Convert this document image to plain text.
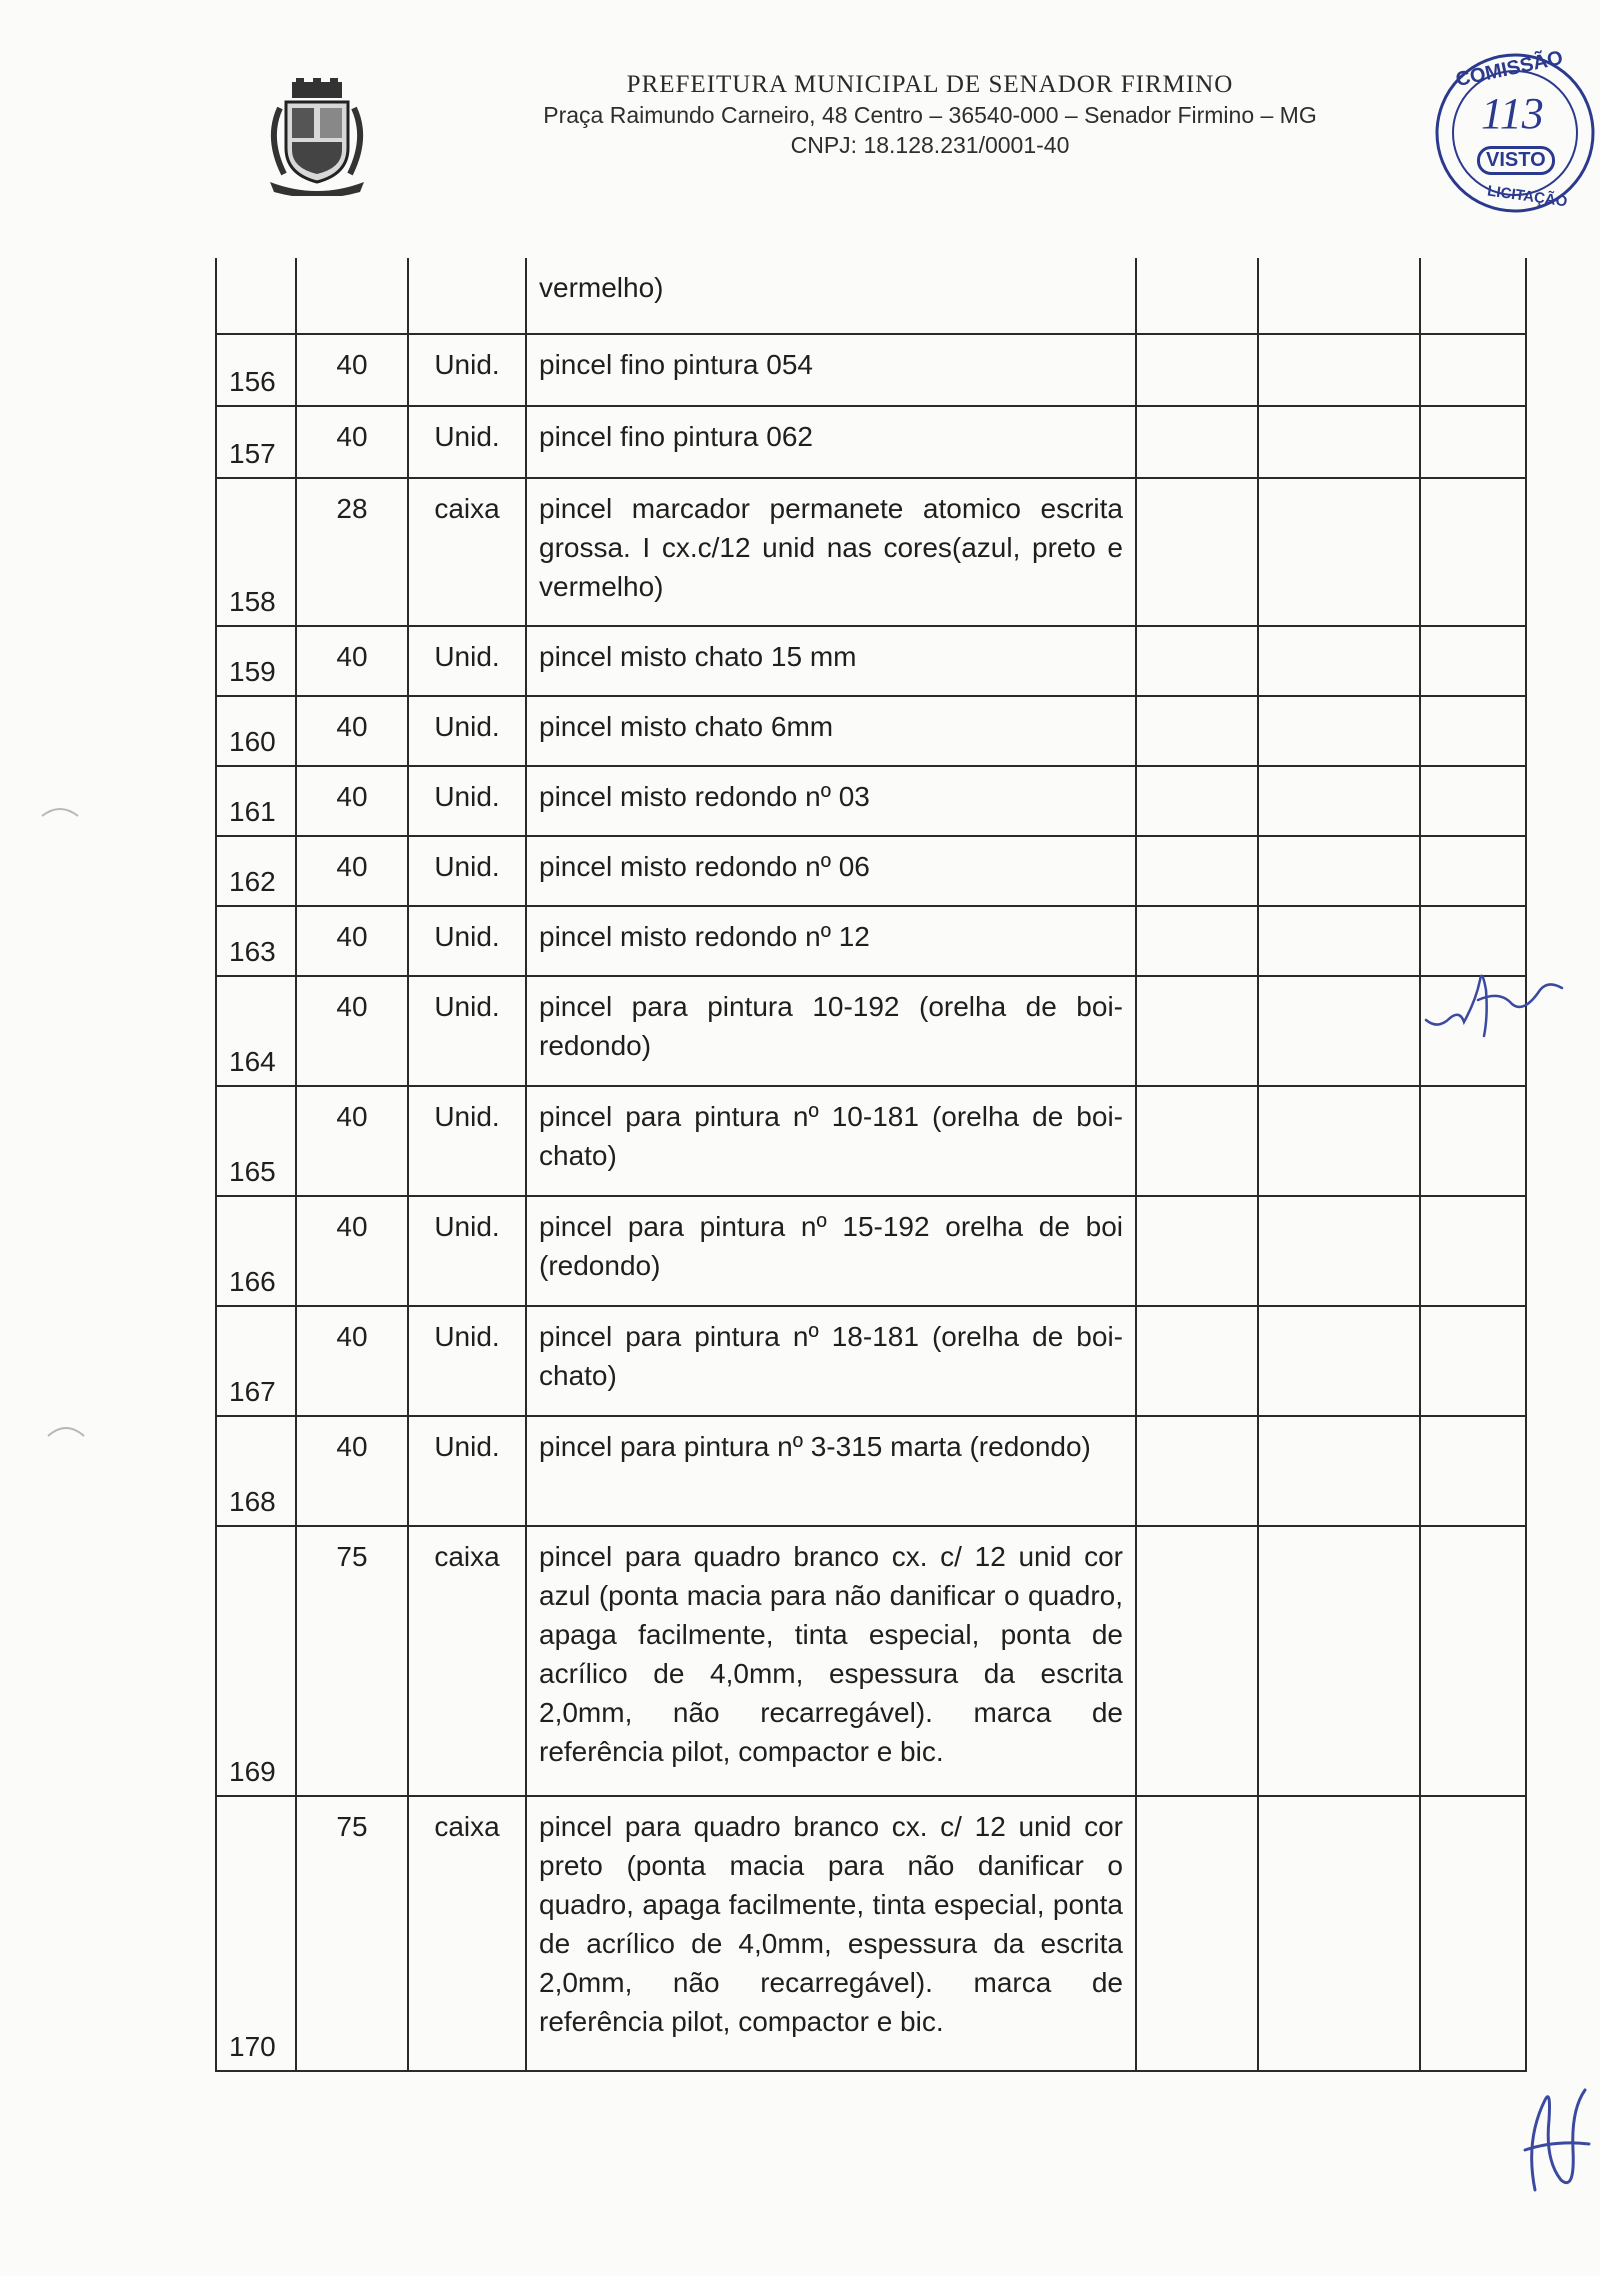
PREFEITURA MUNICIPAL DE SENADOR FIRMINO
Praça Raimundo Carneiro, 48 Centro – 36540-000 – Senador Firmino – MG
CNPJ: 18.128.231/0001-40
COMISSÃO
113
VISTO
LICITAÇÃO
			vermelho)			
156	40	Unid.	pincel fino pintura 054			
157	40	Unid.	pincel fino pintura 062			
158	28	caixa	pincel marcador permanete atomico escrita grossa. I cx.c/12 unid nas cores(azul, preto e vermelho)			
159	40	Unid.	pincel misto chato 15 mm			
160	40	Unid.	pincel misto chato 6mm			
161	40	Unid.	pincel misto redondo nº 03			
162	40	Unid.	pincel misto redondo nº 06			
163	40	Unid.	pincel misto redondo nº 12			
164	40	Unid.	pincel para pintura 10-192 (orelha de boi-redondo)			
165	40	Unid.	pincel para pintura nº 10-181 (orelha de boi-chato)			
166	40	Unid.	pincel para pintura nº 15-192 orelha de boi (redondo)			
167	40	Unid.	pincel para pintura nº 18-181 (orelha de boi-chato)			
168	40	Unid.	pincel para pintura nº 3-315 marta (redondo)			
169	75	caixa	pincel para quadro branco cx. c/ 12 unid cor azul (ponta macia para não danificar o quadro, apaga facilmente, tinta especial, ponta de acrílico de 4,0mm, espessura da escrita 2,0mm, não recarregável). marca de referência pilot, compactor e bic.			
170	75	caixa	pincel para quadro branco cx. c/ 12 unid cor preto (ponta macia para não danificar o quadro, apaga facilmente, tinta especial, ponta de acrílico de 4,0mm, espessura da escrita 2,0mm, não recarregável). marca de referência pilot, compactor e bic.			
